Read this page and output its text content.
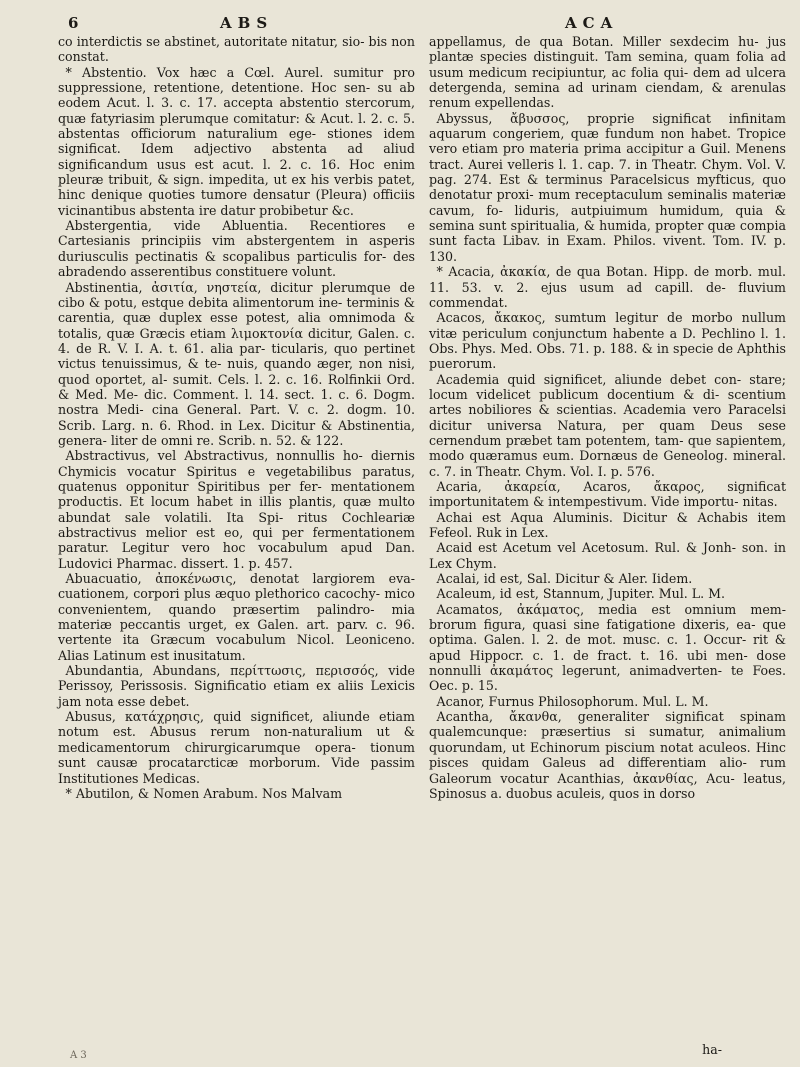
6	ABS	ACA

co interdictis se abstinet, autoritate nitatur, sio- bis non constat.

* Abstentio. Vox hæc a Cœl. Aurel. sumitur pro suppressione, retentione, detentione. Hoc sen- su ab eodem Acut. l. 3. c. 17. accepta abstentio stercorum, quæ fatyriasim plerumque comitatur: & Acut. l. 2. c. 5. abstentas officiorum naturalium ege- stiones idem significat. Idem adjectivo abstenta ad aliud significandum usus est acut. l. 2. c. 16. Hoc enim pleuræ tribuit, & sign. impedita, ut ex his verbis patet, hinc denique quoties tumore densatur (Pleura) officiis vicinantibus abstenta ire datur probibetur &c.

Abstergentia, vide Abluentia. Recentiores e Cartesianis principiis vim abstergentem in asperis duriusculis pectinatis & scopalibus particulis for- des abradendo asserentibus constituere volunt.

Abstinentia, ἀσιτία, νηστεία, dicitur plerumque de cibo & potu, estque debita alimentorum ine- terminis & carentia, quæ duplex esse potest, alia omnimoda & totalis, quæ Græcis etiam λιμοκτονία dicitur, Galen. c. 4. de R. V. I. A. t. 61. alia par- ticularis, quo pertinet victus tenuissimus, & te- nuis, quando æger, non nisi, quod oportet, al- sumit. Cels. l. 2. c. 16. Rolfinkii Ord. & Med. Me- dic. Comment. l. 14. sect. 1. c. 6. Dogm. nostra Medi- cina General. Part. V. c. 2. dogm. 10. Scrib. Larg. n. 6. Rhod. in Lex. Dicitur & Abstinentia, genera- liter de omni re. Scrib. n. 52. & 122.

Abstractivus, vel Abstractivus, nonnullis ho- diernis Chymicis vocatur Spiritus e vegetabilibus paratus, quatenus opponitur Spiritibus per fer- mentationem productis. Et locum habet in illis plantis, quæ multo abundat sale volatili. Ita Spi- ritus Cochleariæ abstractivus melior est eo, qui per fermentationem paratur. Legitur vero hoc vocabulum apud Dan. Ludovici Pharmac. dissert. 1. p. 457.

Abuacuatio, ἀποκένωσις, denotat largiorem eva- cuationem, corpori plus æquo plethorico cacochy- mico convenientem, quando præsertim palindro- mia materiæ peccantis urget, ex Galen. art. parv. c. 96. vertente ita Græcum vocabulum Nicol. Leoniceno. Alias Latinum est inusitatum.

Abundantia, Abundans, περίττωσις, περισσός, vide Perissoy, Perissosis. Significatio etiam ex aliis Lexicis jam nota esse debet.

Abusus, κατάχρησις, quid significet, aliunde etiam notum est. Abusus rerum non-naturalium ut & medicamentorum chirurgicarumque opera- tionum sunt causæ procatarcticæ morborum. Vide passim Institutiones Medicas.

* Abutilon, & Nomen Arabum. Nos Malvam

appellamus, de qua Botan. Miller sexdecim hu- jus plantæ species distinguit. Tam semina, quam folia ad usum medicum recipiuntur, ac folia qui- dem ad ulcera detergenda, semina ad urinam ciendam, & arenulas renum expellendas.

Abyssus, ἄβυσσος, proprie significat infinitam aquarum congeriem, quæ fundum non habet. Tropice vero etiam pro materia prima accipitur a Guil. Menens tract. Aurei velleris l. 1. cap. 7. in Theatr. Chym. Vol. V. pag. 274. Est & terminus Paracelsicus myfticus, quo denotatur proxi- mum receptaculum seminalis materiæ cavum, fo- liduris, autpiuimum humidum, quia & semina sunt spiritualia, & humida, propter quæ compia sunt facta Libav. in Exam. Philos. vivent. Tom. IV. p. 130.

* Acacia, ἀκακία, de qua Botan. Hipp. de morb. mul. 11. 53. v. 2. ejus usum ad capill. de- fluvium commendat.

Acacos, ἄκακος, sumtum legitur de morbo nullum vitæ periculum conjunctum habente a D. Pechlino l. 1. Obs. Phys. Med. Obs. 71. p. 188. & in specie de Aphthis puerorum.

Academia quid significet, aliunde debet con- stare; locum videlicet publicum docentium & di- scentium artes nobiliores & scientias. Academia vero Paracelsi dicitur universa Natura, per quam Deus sese cernendum præbet tam potentem, tam- que sapientem, modo quæramus eum. Dornæus de Geneolog. mineral. c. 7. in Theatr. Chym. Vol. I. p. 576.

Acaria, ἀκαρεία, Acaros, ἄκαρος, significat importunitatem & intempestivum. Vide importu- nitas.

Achai est Aqua Aluminis. Dicitur & Achabis item Fefeol. Ruk in Lex.

Acaid est Acetum vel Acetosum. Rul. & Jonh- son. in Lex Chym.

Acalai, id est, Sal. Dicitur & Aler. Iidem.

Acaleum, id est, Stannum, Jupiter. Mul. L. M.

Acamatos, ἀκάματος, media est omnium mem- brorum figura, quasi sine fatigatione dixeris, ea- que optima. Galen. l. 2. de mot. musc. c. 1. Occur- rit & apud Hippocr. c. 1. de fract. t. 16. ubi men- dose nonnulli ἀκαμάτος legerunt, animadverten- te Foes. Oec. p. 15.

Acanor, Furnus Philosophorum. Mul. L. M.

Acantha, ἄκανθα, generaliter significat spinam qualemcunque: præsertius si sumatur, animalium quorundam, ut Echinorum piscium notat aculeos. Hinc pisces quidam Galeus ad differentiam alio- rum Galeorum vocatur Acanthias, ἀκανθίας, Acu- leatus, Spinosus a. duobus aculeis, quos in dorso

A 3	ha-
